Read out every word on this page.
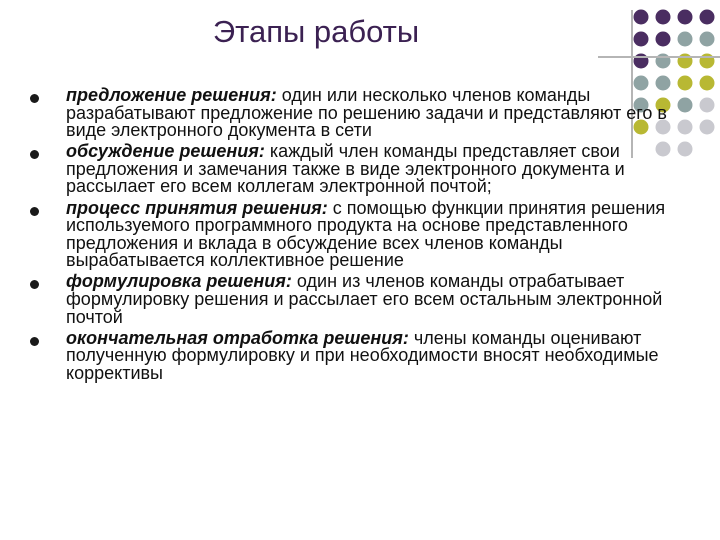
Этапы работы
предложение решения: один или несколько членов команды разрабатывают предложение по решению задачи и представляют его в виде электронного документа в сети
обсуждение решения: каждый член команды представляет свои предложения и замечания также в виде электронного документа и рассылает его всем коллегам электронной почтой;
процесс принятия решения: с помощью функции принятия решения используемого программного продукта на основе представленного предложения и вклада в обсуждение всех членов команды вырабатывается коллективное решение
формулировка решения: один из членов команды отрабатывает формулировку решения и рассылает его всем остальным электронной почтой
окончательная отработка решения: члены команды оценивают полученную формулировку и при необходимости вносят необходимые коррективы
